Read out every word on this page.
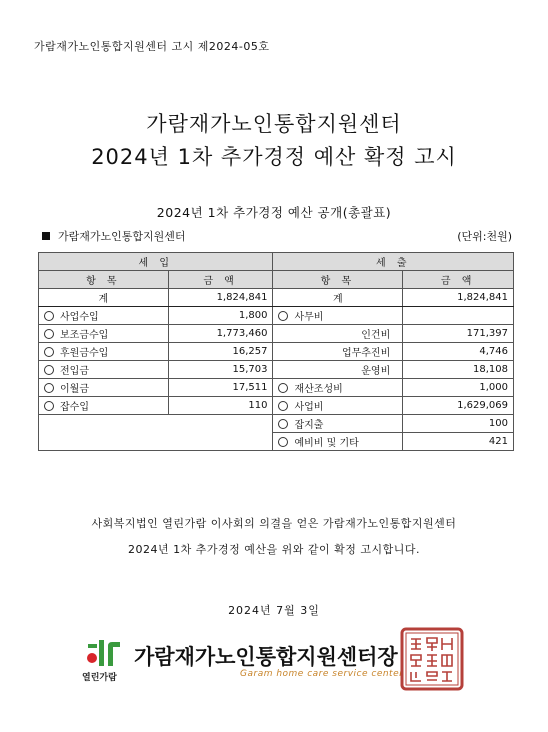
가람재가노인통합지원센터 고시 제2024-05호
가람재가노인통합지원센터
2024년 1차 추가경정 예산 확정 고시
2024년 1차 추가경정 예산 공개(총괄표)
가람재가노인통합지원센터	(단위:천원)
세 입		세 출	
항 목	금 액	항 목	금 액
계	1,824,841	계	1,824,841
사업수입	1,800	사무비	
보조금수입	1,773,460	인건비	171,397
후원금수입	16,257	업무추진비	4,746
전입금	15,703	운영비	18,108
이월금	17,511	재산조성비	1,000
잡수입	110	사업비	1,629,069
		잡지출	100
		예비비 및 기타	421
사회복지법인 열린가람 이사회의 의결을 얻은 가람재가노인통합지원센터
2024년 1차 추가경정 예산을 위와 같이 확정 고시합니다.
2024년 7월 3일
열린가람
가람재가노인통합지원센터장
Garam home care service center
